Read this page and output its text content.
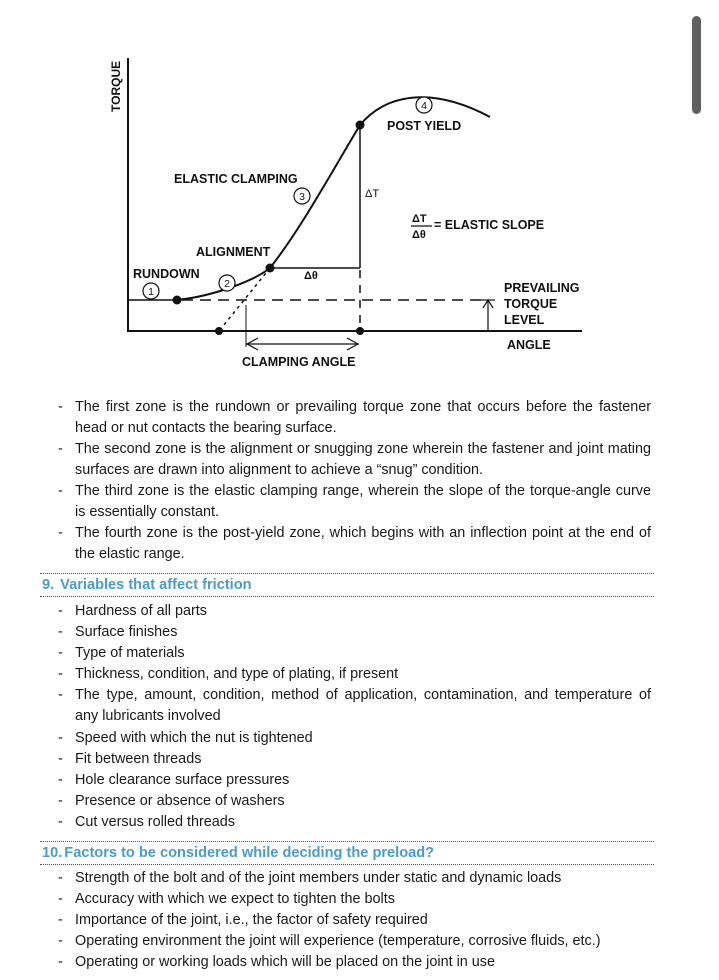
TORQUE
ANGLE
RUNDOWN
1
ALIGNMENT
2
ELASTIC CLAMPING
3
4
POST YIELD
Δθ
ΔT
ΔT
Δθ
= ELASTIC SLOPE
PREVAILING
TORQUE
LEVEL
CLAMPING ANGLE
- The first zone is the rundown or prevailing torque zone that occurs before the fastener head or nut contacts the bearing surface.
- The second zone is the alignment or snugging zone wherein the fastener and joint mating surfaces are drawn into alignment to achieve a “snug” condition.
- The third zone is the elastic clamping range, wherein the slope of the torque-angle curve is essentially constant.
- The fourth zone is the post-yield zone, which begins with an inflection point at the end of the elastic range.
9. Variables that affect friction
- Hardness of all parts
- Surface finishes
- Type of materials
- Thickness, condition, and type of plating, if present
- The type, amount, condition, method of application, contamination, and temperature of any lubricants involved
- Speed with which the nut is tightened
- Fit between threads
- Hole clearance surface pressures
- Presence or absence of washers
- Cut versus rolled threads
10. Factors to be considered while deciding the preload?
- Strength of the bolt and of the joint members under static and dynamic loads
- Accuracy with which we expect to tighten the bolts
- Importance of the joint, i.e., the factor of safety required
- Operating environment the joint will experience (temperature, corrosive fluids, etc.)
- Operating or working loads which will be placed on the joint in use
